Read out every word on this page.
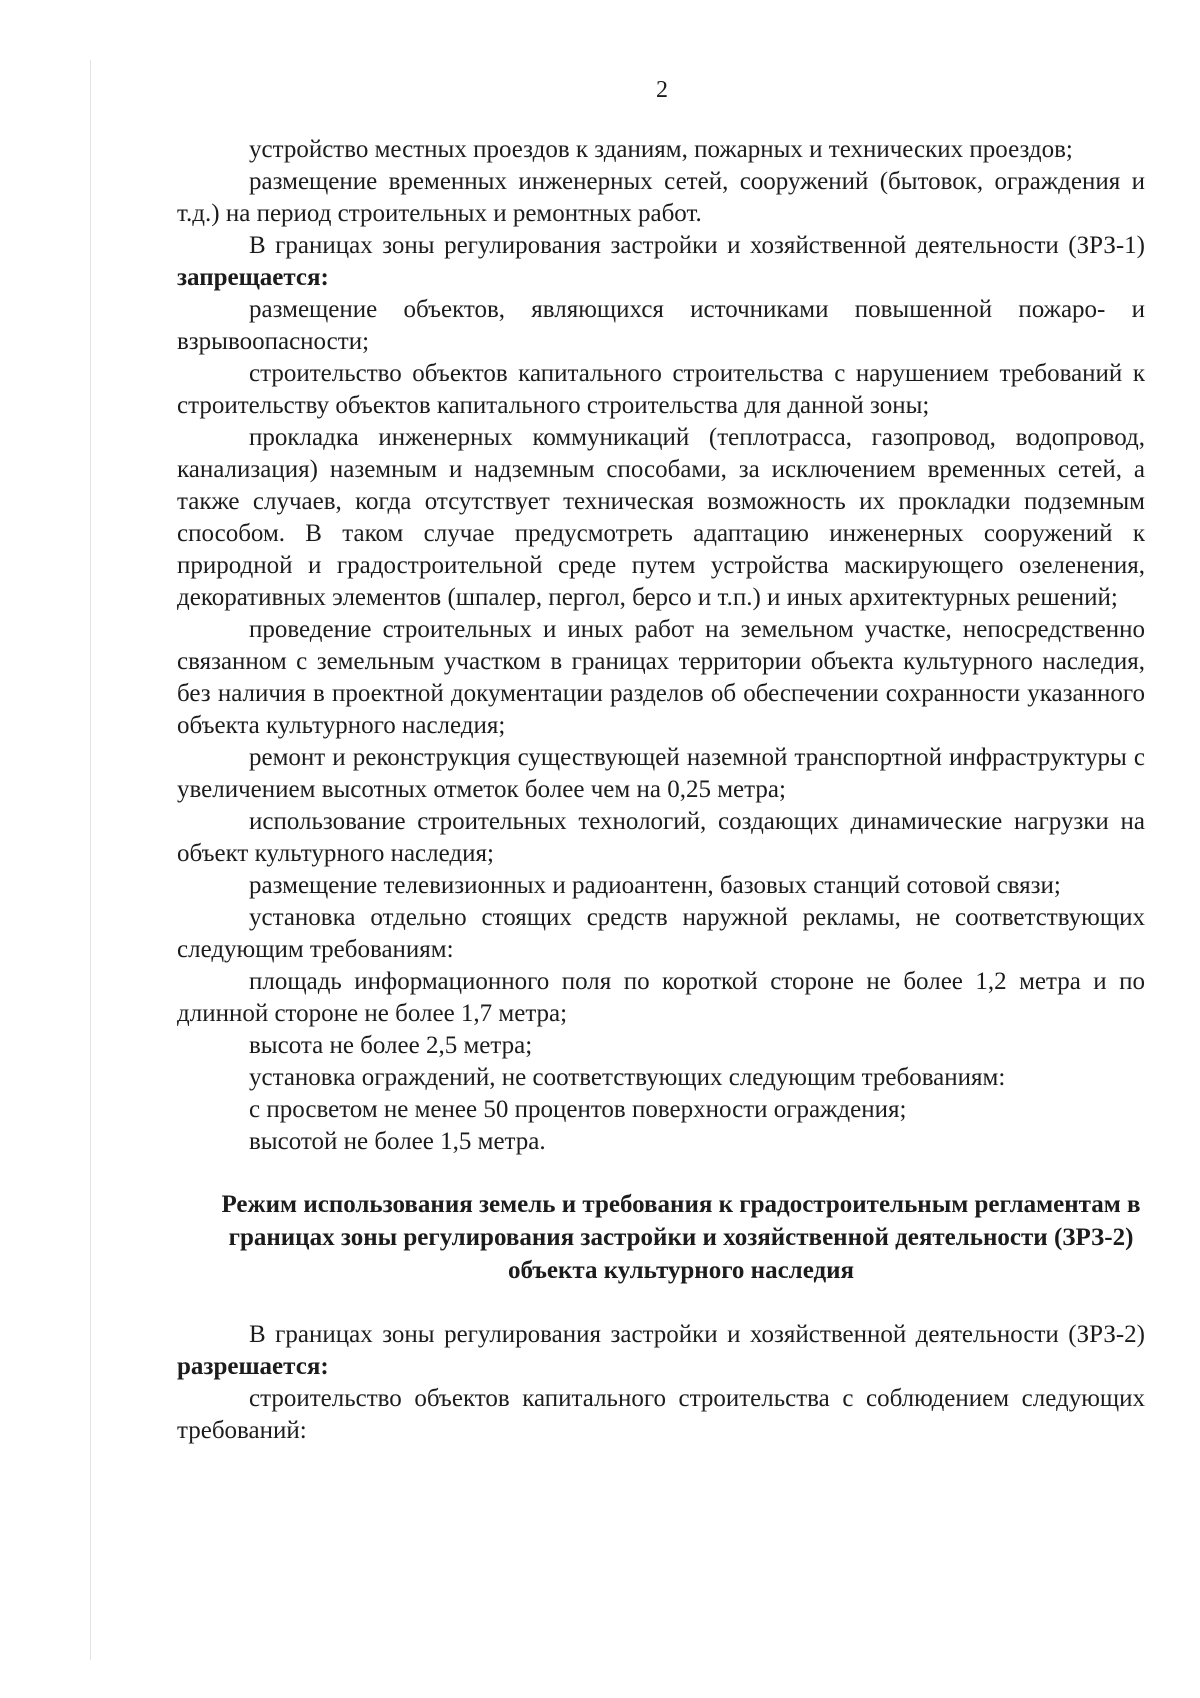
2

устройство местных проездов к зданиям, пожарных и технических проездов;

размещение временных инженерных сетей, сооружений (бытовок, ограждения и т.д.) на период строительных и ремонтных работ.

В границах зоны регулирования застройки и хозяйственной деятельности (ЗРЗ-1) запрещается:

размещение объектов, являющихся источниками повышенной пожаро- и взрывоопасности;

строительство объектов капитального строительства с нарушением требований к строительству объектов капитального строительства для данной зоны;

прокладка инженерных коммуникаций (теплотрасса, газопровод, водопровод, канализация) наземным и надземным способами, за исключением временных сетей, а также случаев, когда отсутствует техническая возможность их прокладки подземным способом. В таком случае предусмотреть адаптацию инженерных сооружений к природной и градостроительной среде путем устройства маскирующего озеленения, декоративных элементов (шпалер, пергол, берсо и т.п.) и иных архитектурных решений;

проведение строительных и иных работ на земельном участке, непосредственно связанном с земельным участком в границах территории объекта культурного наследия, без наличия в проектной документации разделов об обеспечении сохранности указанного объекта культурного наследия;

ремонт и реконструкция существующей наземной транспортной инфраструктуры с увеличением высотных отметок более чем на 0,25 метра;

использование строительных технологий, создающих динамические нагрузки на объект культурного наследия;

размещение телевизионных и радиоантенн, базовых станций сотовой связи;

установка отдельно стоящих средств наружной рекламы, не соответствующих следующим требованиям:

площадь информационного поля по короткой стороне не более 1,2 метра и по длинной стороне не более 1,7 метра;

высота не более 2,5 метра;

установка ограждений, не соответствующих следующим требованиям:

с просветом не менее 50 процентов поверхности ограждения;

высотой не более 1,5 метра.

Режим использования земель и требования к градостроительным регламентам в границах зоны регулирования застройки и хозяйственной деятельности (ЗРЗ-2) объекта культурного наследия

В границах зоны регулирования застройки и хозяйственной деятельности (ЗРЗ-2) разрешается:

строительство объектов капитального строительства с соблюдением следующих требований:
